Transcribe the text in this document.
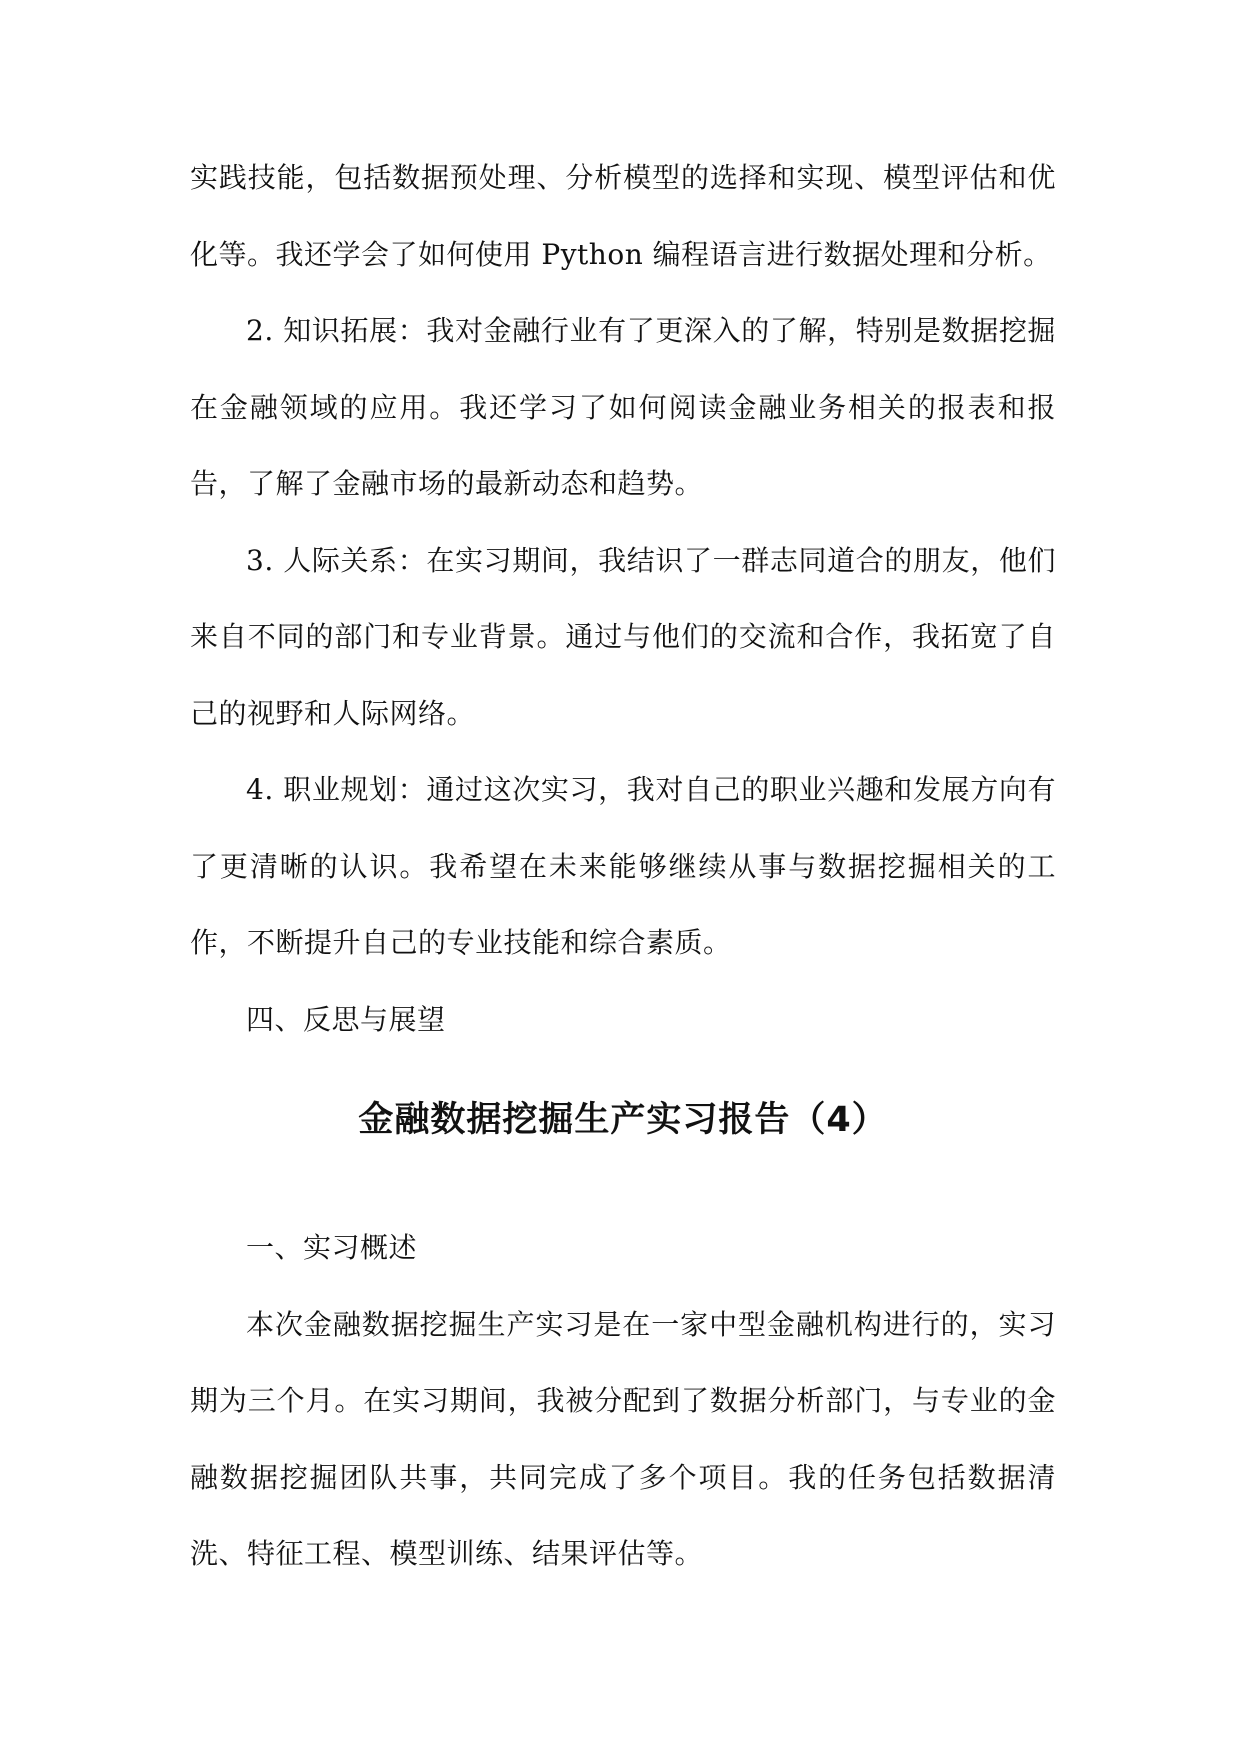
实践技能，包括数据预处理、分析模型的选择和实现、模型评估和优化等。我还学会了如何使用 Python 编程语言进行数据处理和分析。

2. 知识拓展：我对金融行业有了更深入的了解，特别是数据挖掘在金融领域的应用。我还学习了如何阅读金融业务相关的报表和报告，了解了金融市场的最新动态和趋势。

3. 人际关系：在实习期间，我结识了一群志同道合的朋友，他们来自不同的部门和专业背景。通过与他们的交流和合作，我拓宽了自己的视野和人际网络。

4. 职业规划：通过这次实习，我对自己的职业兴趣和发展方向有了更清晰的认识。我希望在未来能够继续从事与数据挖掘相关的工作，不断提升自己的专业技能和综合素质。

四、反思与展望

金融数据挖掘生产实习报告（4）

一、实习概述

本次金融数据挖掘生产实习是在一家中型金融机构进行的，实习期为三个月。在实习期间，我被分配到了数据分析部门，与专业的金融数据挖掘团队共事，共同完成了多个项目。我的任务包括数据清洗、特征工程、模型训练、结果评估等。
